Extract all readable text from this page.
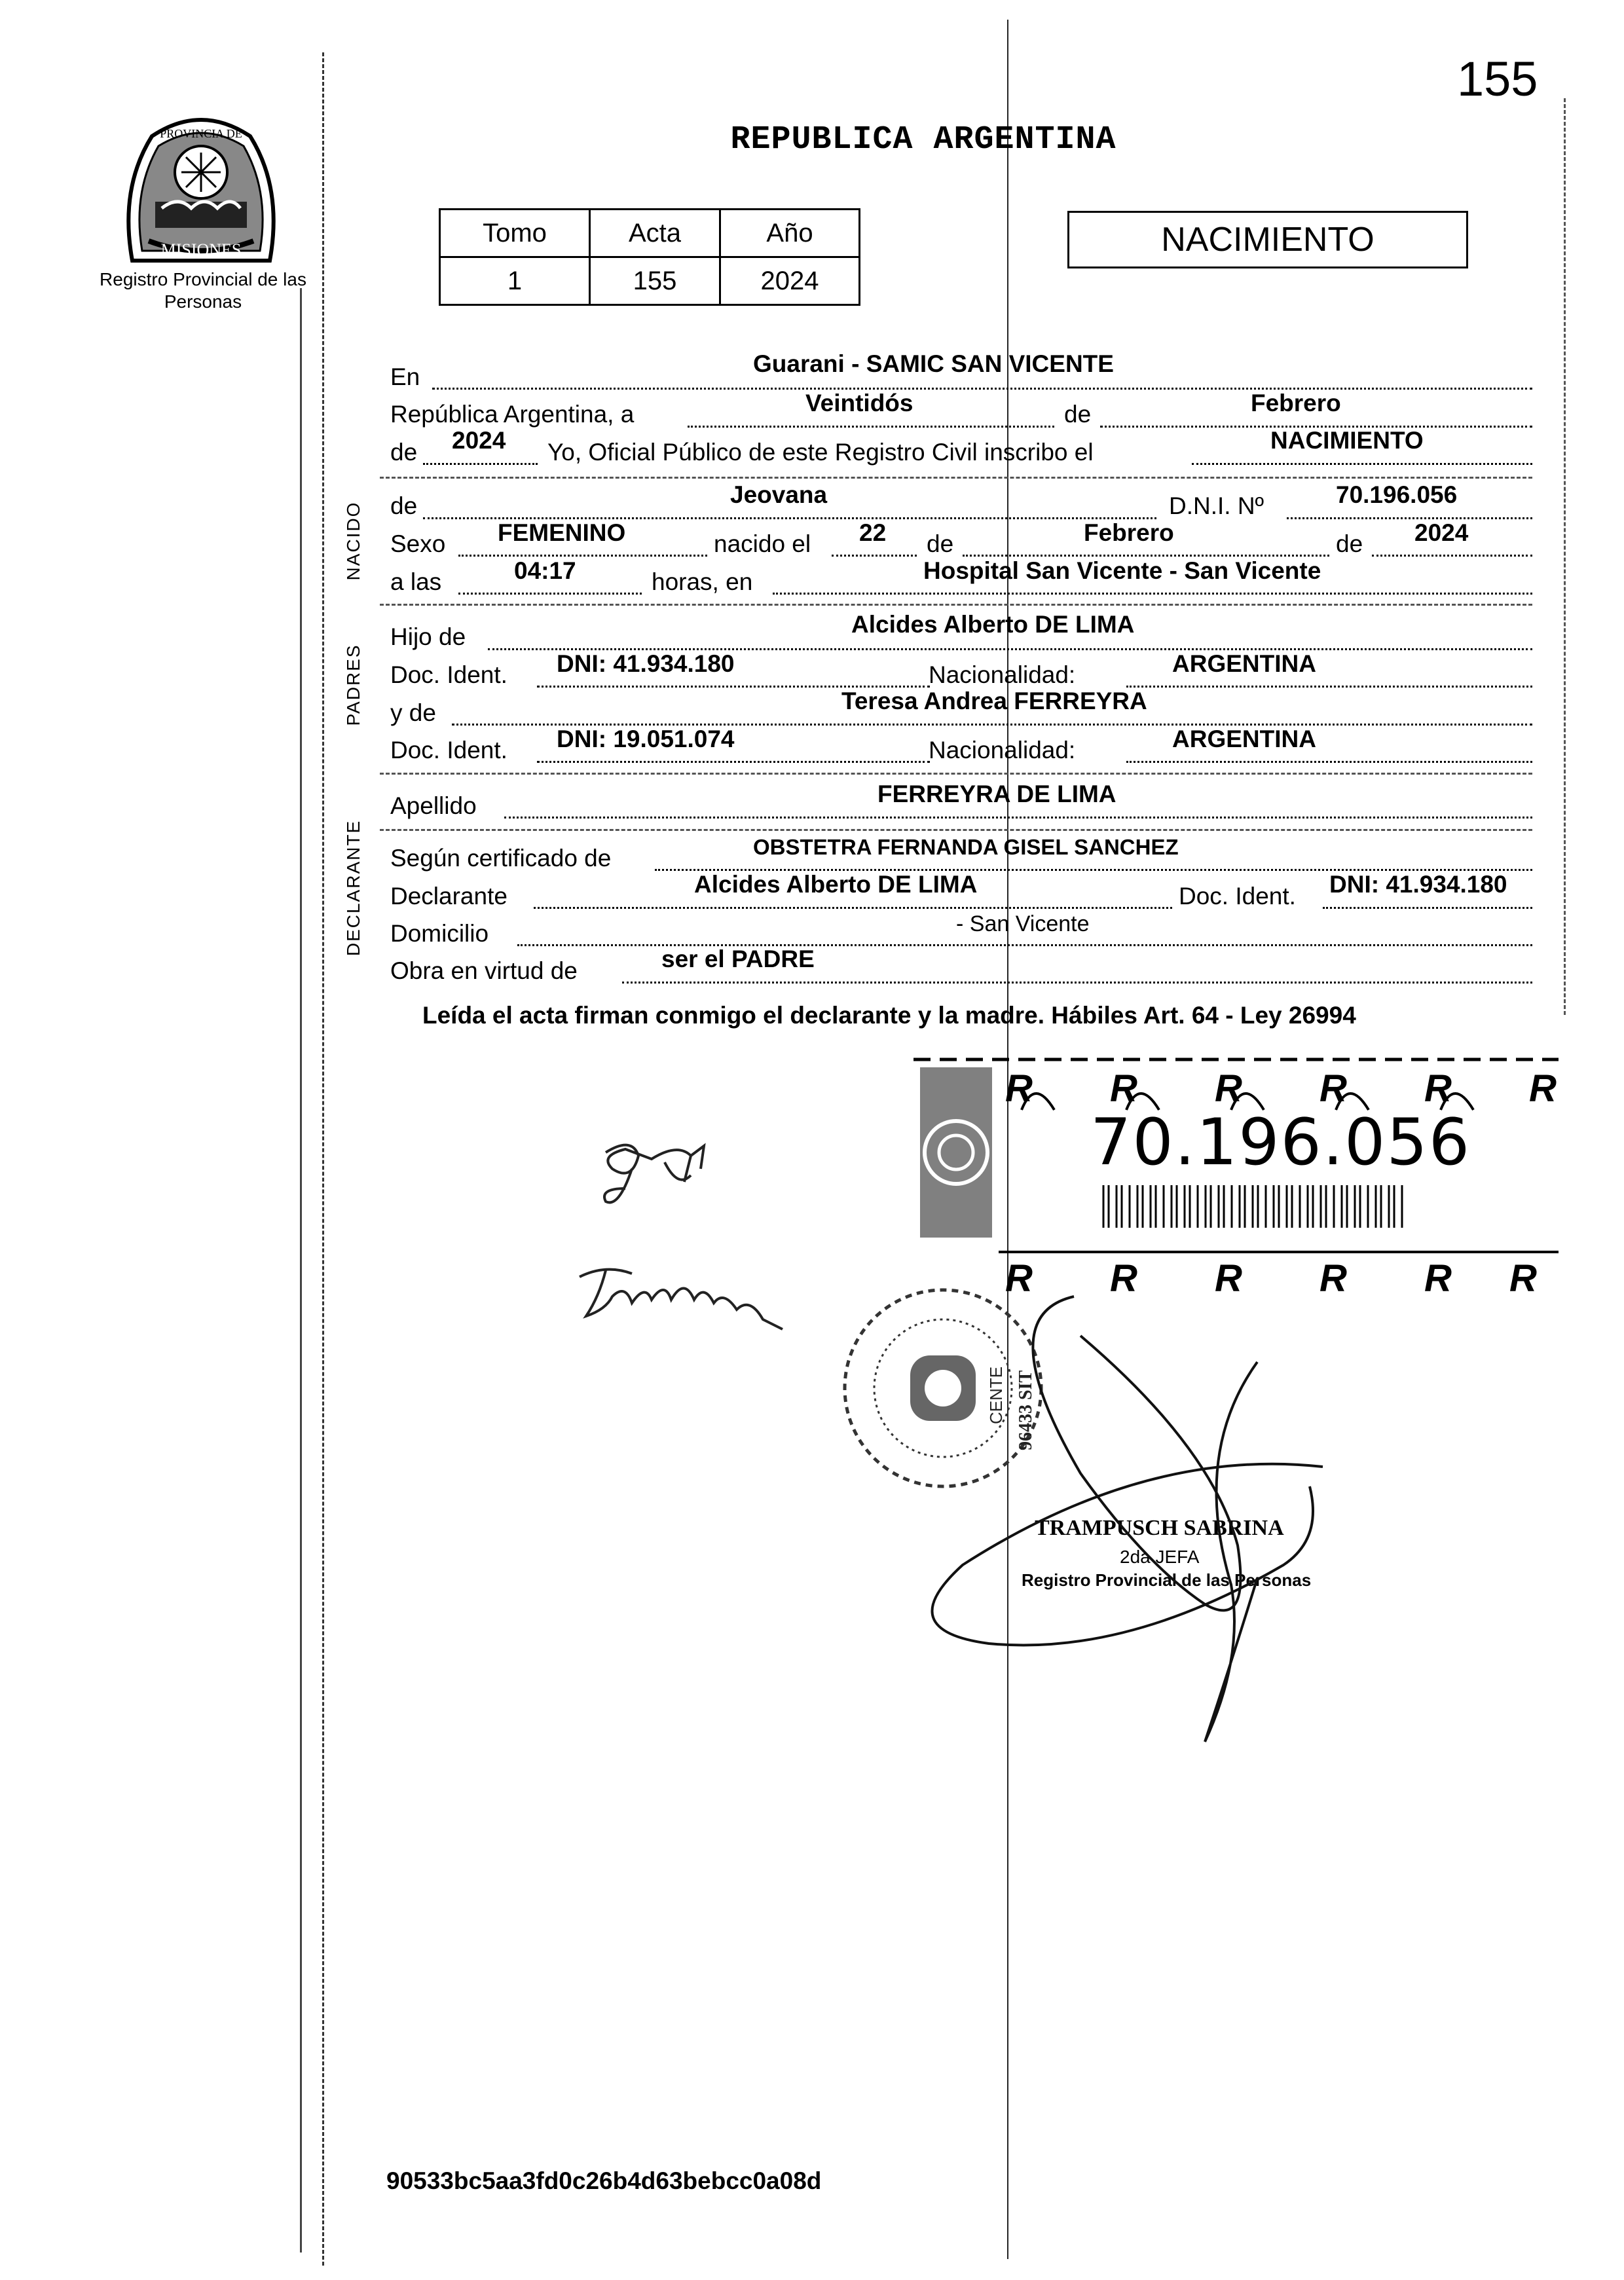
155
PROVINCIA DE
MISIONES
Registro Provincial de las Personas
REPUBLICA ARGENTINA
Tomo	Acta	Año
1	155	2024
NACIMIENTO
NACIDO
PADRES
DECLARANTE
En	Guarani - SAMIC SAN VICENTE
República Argentina, a	Veintidós	de	Febrero
de 2024 Yo, Oficial Público de este Registro Civil inscribo el	NACIMIENTO
de	Jeovana	D.N.I. Nº	70.196.056
Sexo FEMENINO	nacido el 22 de	Febrero	de 2024
a las	04:17	horas, en	Hospital San Vicente - San Vicente
Hijo de	Alcides Alberto DE LIMA
Doc. Ident. DNI: 41.934.180	Nacionalidad:	ARGENTINA
y de	Teresa Andrea FERREYRA
Doc. Ident. DNI: 19.051.074	Nacionalidad:	ARGENTINA
Apellido	FERREYRA DE LIMA
Según certificado de	OBSTETRA FERNANDA GISEL SANCHEZ
Declarante	Alcides Alberto DE LIMA	Doc. Ident. DNI: 41.934.180
Domicilio	- San Vicente
Obra en virtud de	ser el PADRE
Leída el acta firman conmigo el declarante y la madre. Hábiles Art. 64 - Ley 26994
R R R R R R
R R R R R R
70.196.056
CENTE 96433 SIT
TRAMPUSCH SABRINA
2da JEFA
Registro Provincial de las Personas
90533bc5aa3fd0c26b4d63bebcc0a08d
